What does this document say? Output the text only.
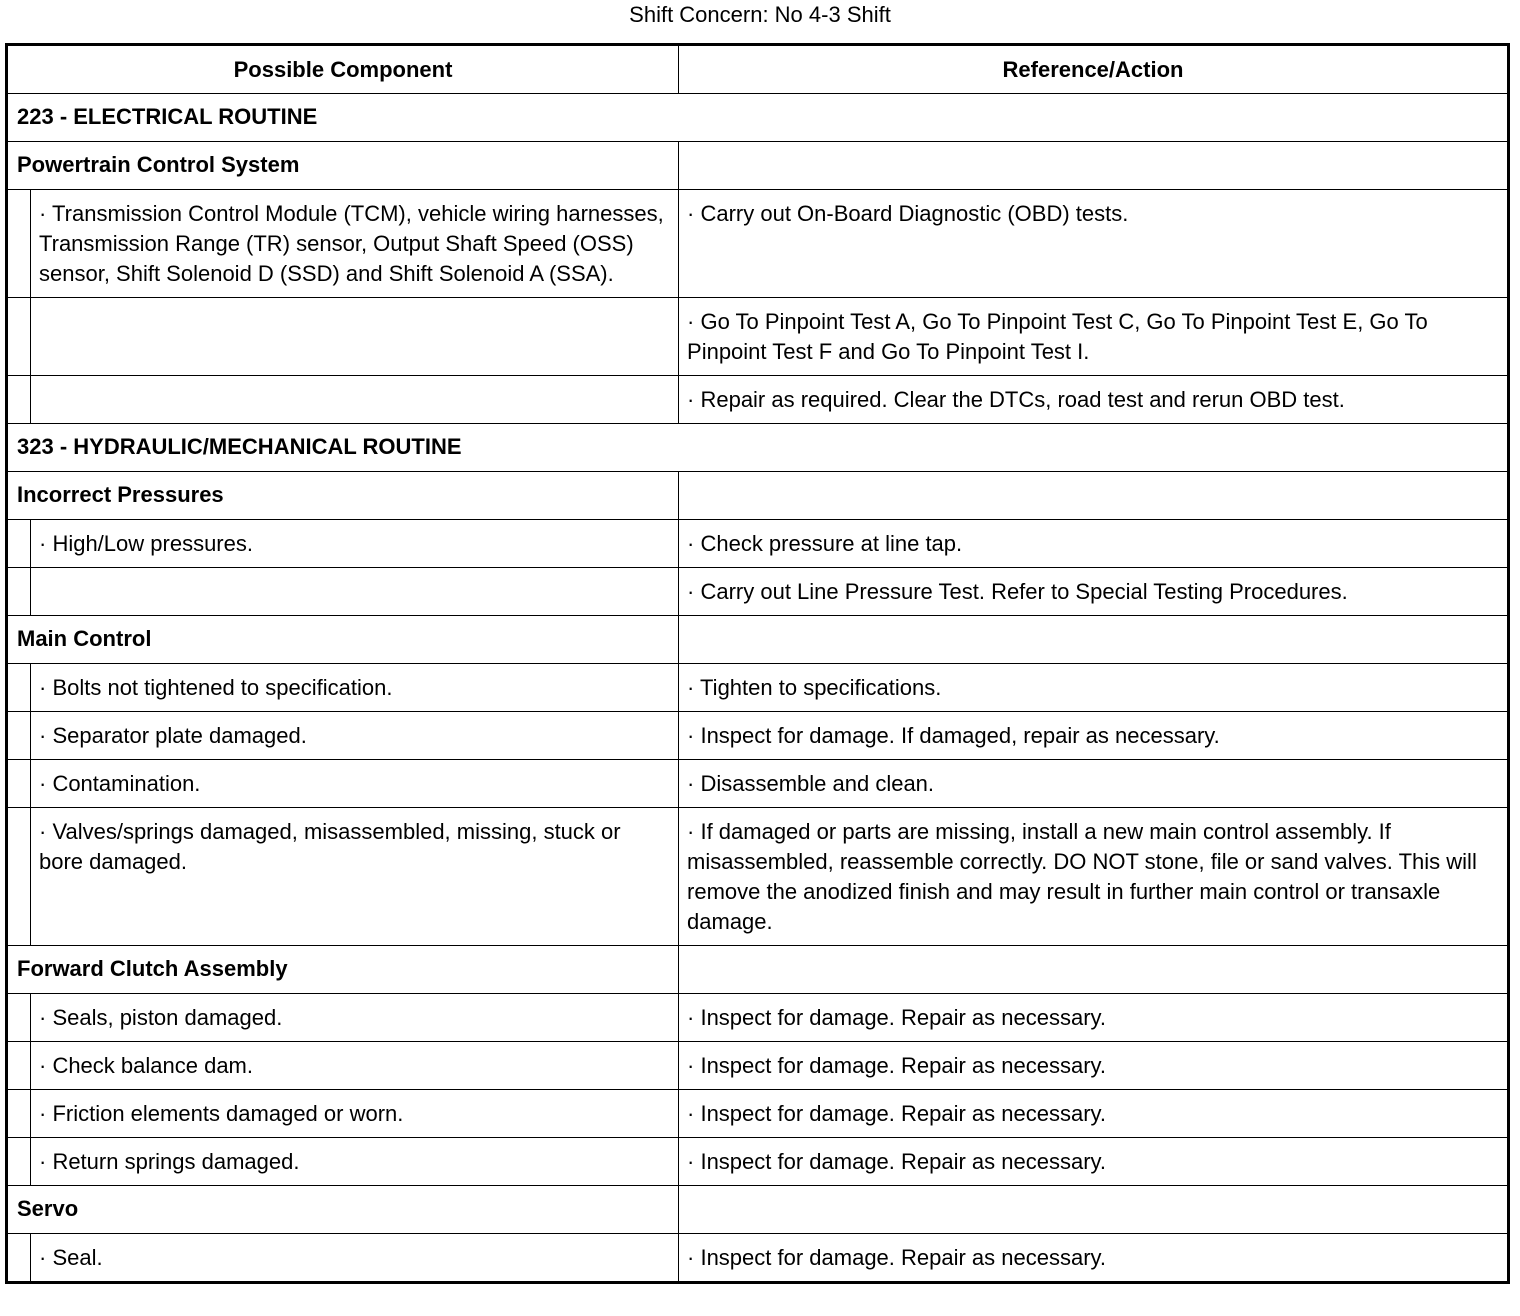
Shift Concern: No 4-3 Shift
Possible Component		Reference/Action
223 - ELECTRICAL ROUTINE		
Powertrain Control System		
	· Transmission Control Module (TCM), vehicle wiring harnesses, Transmission Range (TR) sensor, Output Shaft Speed (OSS) sensor, Shift Solenoid D (SSD) and Shift Solenoid A (SSA).	· Carry out On-Board Diagnostic (OBD) tests.
		· Go To Pinpoint Test A, Go To Pinpoint Test C, Go To Pinpoint Test E, Go To Pinpoint Test F and Go To Pinpoint Test I.
		· Repair as required. Clear the DTCs, road test and rerun OBD test.
323 - HYDRAULIC/MECHANICAL ROUTINE		
Incorrect Pressures		
	· High/Low pressures.	· Check pressure at line tap.
		· Carry out Line Pressure Test. Refer to Special Testing Procedures.
Main Control		
	· Bolts not tightened to specification.	· Tighten to specifications.
	· Separator plate damaged.	· Inspect for damage. If damaged, repair as necessary.
	· Contamination.	· Disassemble and clean.
	· Valves/springs damaged, misassembled, missing, stuck or bore damaged.	· If damaged or parts are missing, install a new main control assembly. If misassembled, reassemble correctly. DO NOT stone, file or sand valves. This will remove the anodized finish and may result in further main control or transaxle damage.
Forward Clutch Assembly		
	· Seals, piston damaged.	· Inspect for damage. Repair as necessary.
	· Check balance dam.	· Inspect for damage. Repair as necessary.
	· Friction elements damaged or worn.	· Inspect for damage. Repair as necessary.
	· Return springs damaged.	· Inspect for damage. Repair as necessary.
Servo		
	· Seal.	· Inspect for damage. Repair as necessary.
